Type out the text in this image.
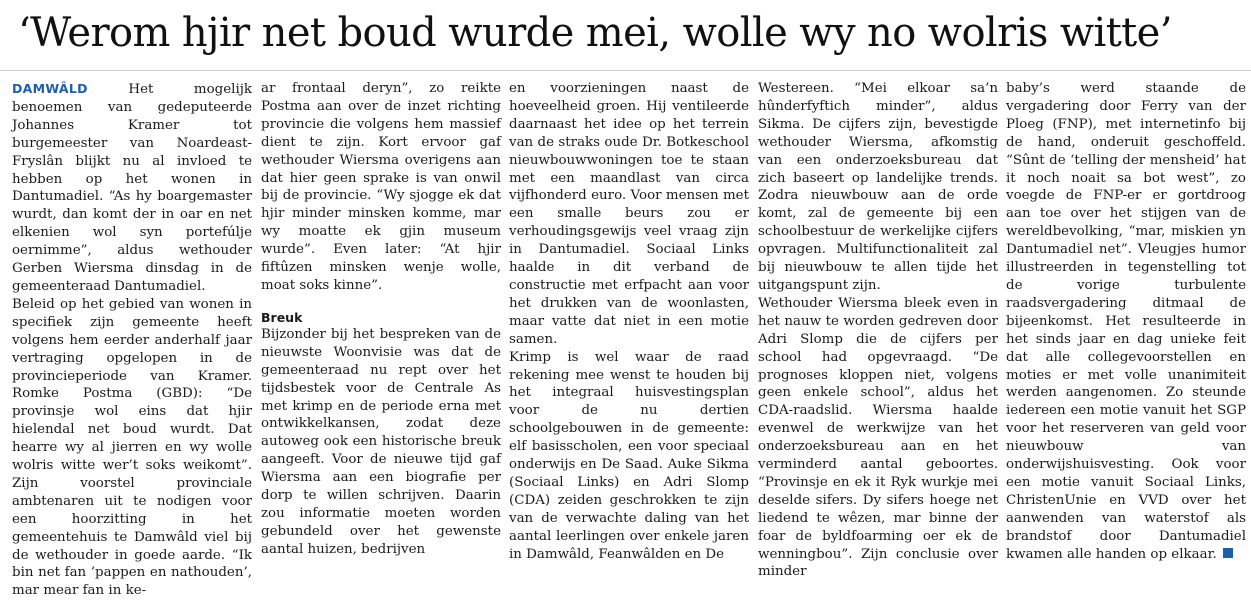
‘Werom hjir net boud wurde mei, wolle wy no wolris witte’

DAMWÂLD	Het mogelijk benoemen van gedeputeerde Johannes Kramer tot burgemeester van Noardeast-Fryslân blijkt nu al invloed te hebben op het wonen in Dantumadiel. “As hy boargemaster wurdt, dan komt der in oar en net elkenien wol syn portefúlje oernimme”, aldus wethouder Gerben Wiersma dinsdag in de gemeenteraad Dantumadiel.

Beleid op het gebied van wonen in specifiek zijn gemeente heeft volgens hem eerder anderhalf jaar vertraging opgelopen in de provincieperiode van Kramer. Romke Postma (GBD): “De provinsje wol eins dat hjir hielendal net boud wurdt. Dat hearre wy al jierren en wy wolle wolris witte wer’t soks weikomt”. Zijn voorstel provinciale ambtenaren uit te nodigen voor een hoorzitting in het gemeentehuis te Damwâld viel bij de wethouder in goede aarde. “Ik bin net fan ‘pappen en nathouden’, mar mear fan in ke-

ar frontaal deryn”, zo reikte Postma aan over de inzet richting provincie die volgens hem massief dient te zijn. Kort ervoor gaf wethouder Wiersma overigens aan dat hier geen sprake is van onwil bij de provincie. “Wy sjogge ek dat hjir minder minsken komme, mar wy moatte ek gjin museum wurde”. Even later: “At hjir fiftûzen minsken wenje wolle, moat soks kinne”.

Breuk

Bijzonder bij het bespreken van de nieuwste Woonvisie was dat de gemeenteraad nu rept over het tijdsbestek voor de Centrale As met krimp en de periode erna met ontwikkelkansen, zodat deze autoweg ook een historische breuk aangeeft. Voor de nieuwe tijd gaf Wiersma aan een biografie per dorp te willen schrijven. Daarin zou informatie moeten worden gebundeld over het gewenste aantal huizen, bedrijven

en voorzieningen naast de hoeveelheid groen. Hij ventileerde daarnaast het idee op het terrein van de straks oude Dr. Botkeschool nieuwbouwwoningen toe te staan met een maandlast van circa vijfhonderd euro. Voor mensen met een smalle beurs zou er verhoudingsgewijs veel vraag zijn in Dantumadiel. Sociaal Links haalde in dit verband de constructie met erfpacht aan voor het drukken van de woonlasten, maar vatte dat niet in een motie samen.

Krimp is wel waar de raad rekening mee wenst te houden bij het integraal huisvestingsplan voor de nu dertien schoolgebouwen in de gemeente: elf basisscholen, een voor speciaal onderwijs en De Saad. Auke Sikma (Sociaal Links) en Adri Slomp (CDA) zeiden geschrokken te zijn van de verwachte daling van het aantal leerlingen over enkele jaren in Damwâld, Feanwâlden en De

Westereen. “Mei elkoar sa’n hûnderfyftich minder”, aldus Sikma. De cijfers zijn, bevestigde wethouder Wiersma, afkomstig van een onderzoeksbureau dat zich baseert op landelijke trends. Zodra nieuwbouw aan de orde komt, zal de gemeente bij een schoolbestuur de werkelijke cijfers opvragen. Multifunctionaliteit zal bij nieuwbouw te allen tijde het uitgangspunt zijn.

Wethouder Wiersma bleek even in het nauw te worden gedreven door Adri Slomp die de cijfers per school had opgevraagd. “De prognoses kloppen niet, volgens geen enkele school”, aldus het CDA-raadslid. Wiersma haalde evenwel de werkwijze van het onderzoeksbureau aan en het verminderd aantal geboortes. “Provinsje en ek it Ryk wurkje mei deselde sifers. Dy sifers hoege net liedend te wêzen, mar binne der foar de byldfoarming oer ek de wenningbou”. Zijn conclusie over minder

baby’s werd staande de vergadering door Ferry van der Ploeg (FNP), met internetinfo bij de hand, onderuit geschoffeld. “Sûnt de ‘telling der mensheid’ hat it noch noait sa bot west”, zo voegde de FNP-er er gortdroog aan toe over het stijgen van de wereldbevolking, “mar, miskien yn Dantumadiel net”. Vleugjes humor illustreerden in tegenstelling tot de vorige turbulente raadsvergadering ditmaal de bijeenkomst. Het resulteerde in het sinds jaar en dag unieke feit dat alle collegevoorstellen en moties er met volle unanimiteit werden aangenomen. Zo steunde iedereen een motie vanuit het SGP voor het reserveren van geld voor nieuwbouw van onderwijshuisvesting. Ook voor een motie vanuit Sociaal Links, ChristenUnie en VVD over het aanwenden van waterstof als brandstof door Dantumadiel kwamen alle handen op elkaar.
